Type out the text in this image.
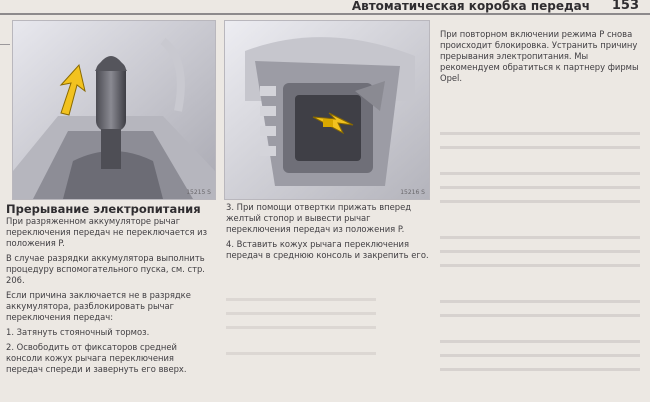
Автоматическая коробка передач	153
15215 S	15216 S
Прерывание электропитания

При разряженном аккумуляторе рычаг переключения передач не переключается из положения P.

В случае разрядки аккумулятора выполнить процедуру вспомогательного пуска, см. стр. 206.

Если причина заключается не в разрядке аккумулятора, разблокировать рычаг переключения передач:

1. Затянуть стояночный тормоз.

2. Освободить от фиксаторов средней консоли кожух рычага переключения передач спереди и завернуть его вверх.

3. При помощи отвертки прижать вперед желтый стопор и вывести рычаг переключения передач из положения P.

4. Вставить кожух рычага переключения передач в среднюю консоль и закрепить его.

При повторном включении режима P снова происходит блокировка. Устранить причину прерывания электропитания. Мы рекомендуем обратиться к партнеру фирмы Opel.
